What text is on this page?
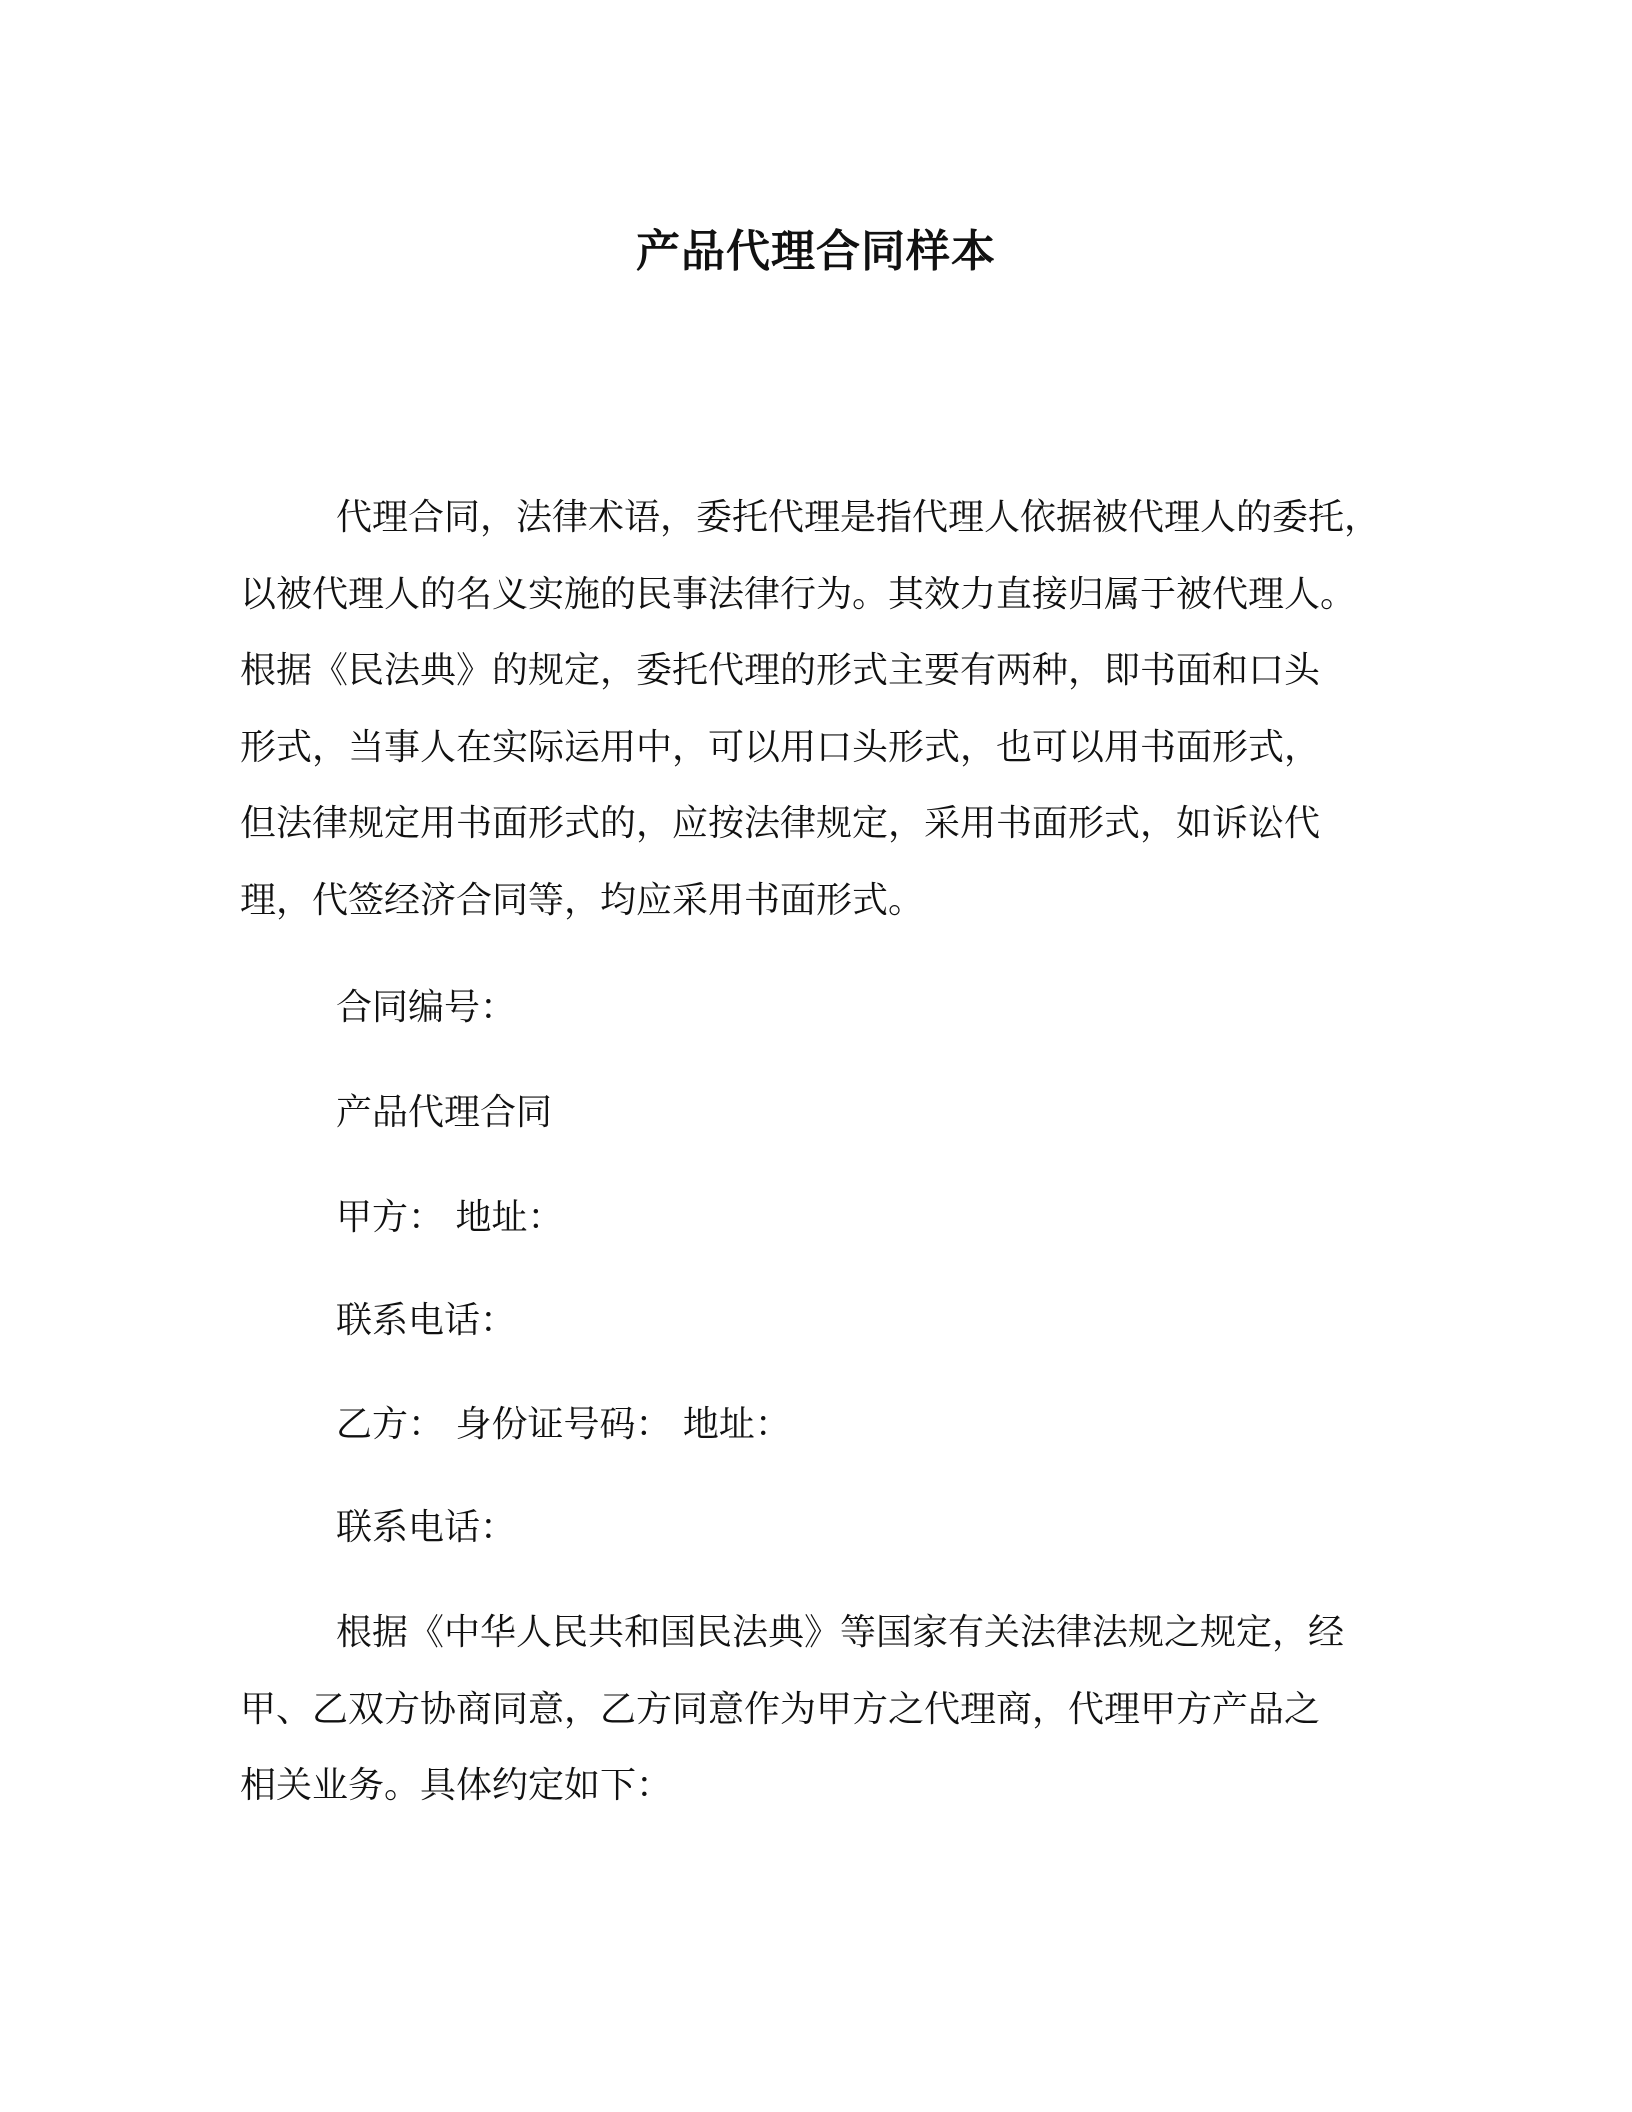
产品代理合同样本
代理合同，法律术语，委托代理是指代理人依据被代理人的委托，
以被代理人的名义实施的民事法律行为。其效力直接归属于被代理人。
根据《民法典》的规定，委托代理的形式主要有两种，即书面和口头
形式，当事人在实际运用中，可以用口头形式，也可以用书面形式，
但法律规定用书面形式的，应按法律规定，采用书面形式，如诉讼代
理，代签经济合同等，均应采用书面形式。
合同编号：
产品代理合同
甲方： 地址：
联系电话：
乙方： 身份证号码： 地址：
联系电话：
根据《中华人民共和国民法典》等国家有关法律法规之规定，经
甲、乙双方协商同意，乙方同意作为甲方之代理商，代理甲方产品之
相关业务。具体约定如下：
